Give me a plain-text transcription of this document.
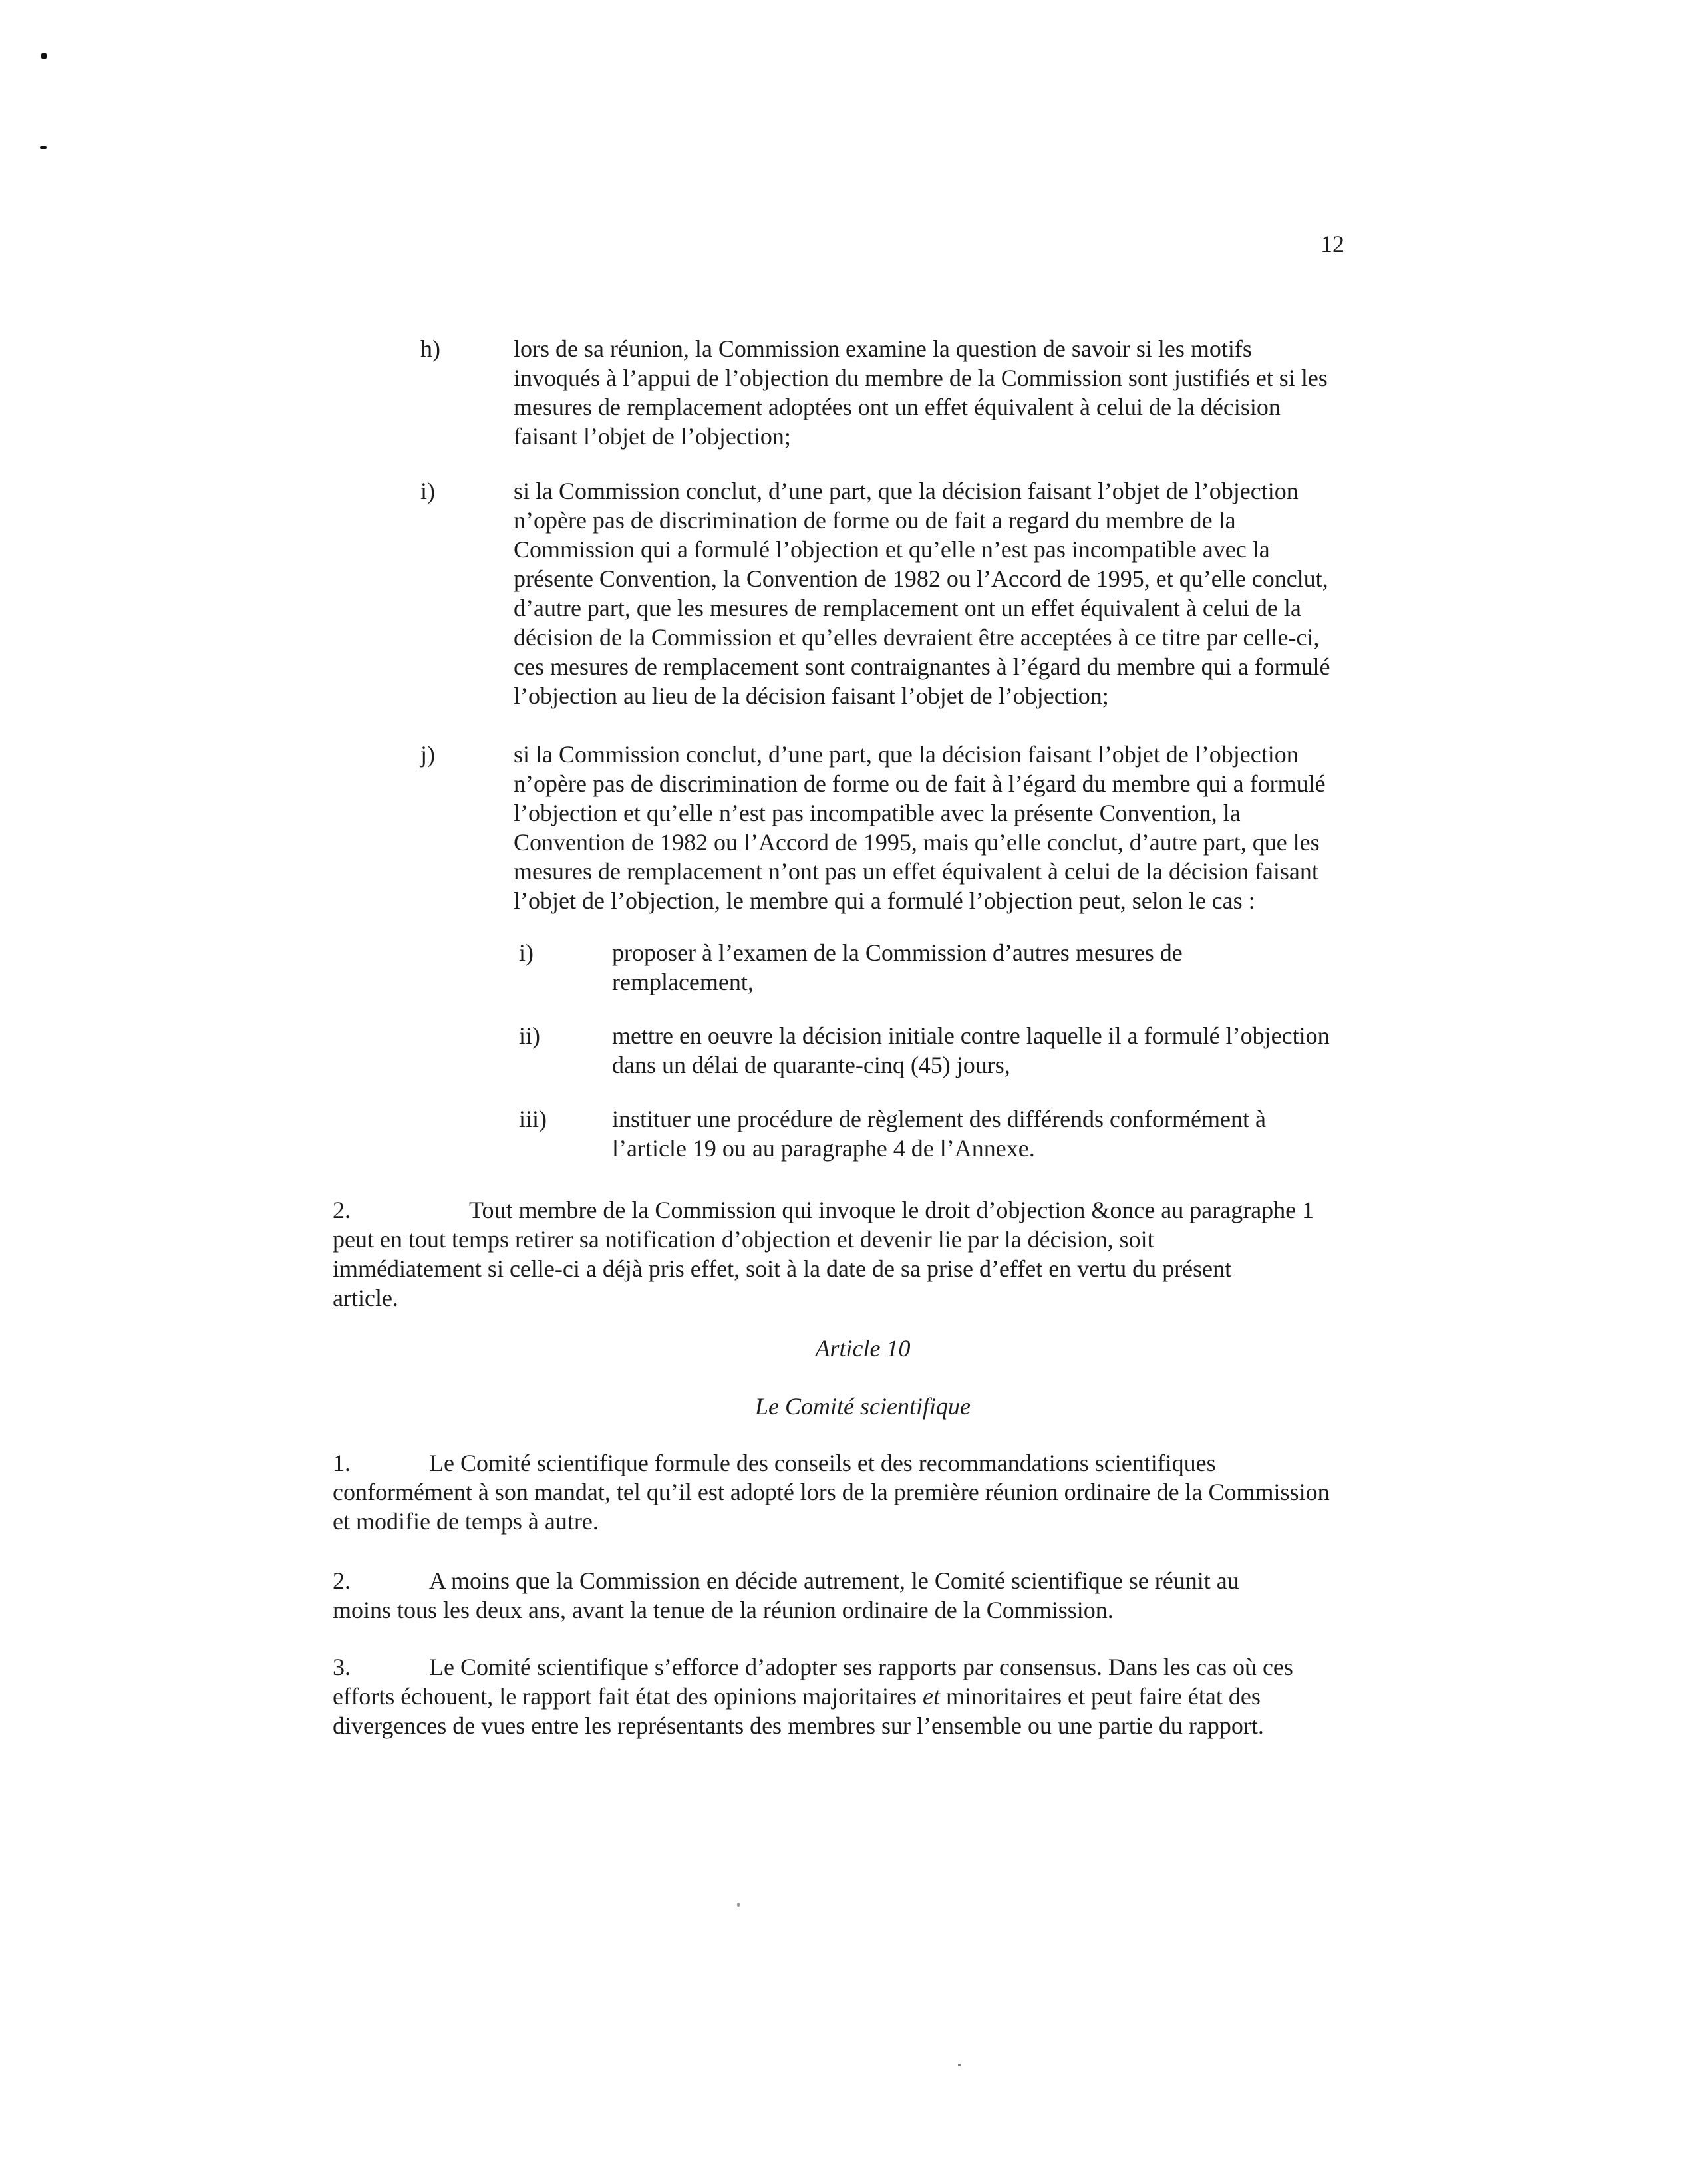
12
h)	lors de sa réunion, la Commission examine la question de savoir si les motifs
invoqués à l’appui de l’objection du membre de la Commission sont justifiés et si les
mesures de remplacement adoptées ont un effet équivalent à celui de la décision
faisant l’objet de l’objection;
i)	si la Commission conclut, d’une part, que la décision faisant l’objet de l’objection
n’opère pas de discrimination de forme ou de fait a regard du membre de la
Commission qui a formulé l’objection et qu’elle n’est pas incompatible avec la
présente Convention, la Convention de 1982 ou l’Accord de 1995, et qu’elle conclut,
d’autre part, que les mesures de remplacement ont un effet équivalent à celui de la
décision de la Commission et qu’elles devraient être acceptées à ce titre par celle-ci,
ces mesures de remplacement sont contraignantes à l’égard du membre qui a formulé
l’objection au lieu de la décision faisant l’objet de l’objection;
j)	si la Commission conclut, d’une part, que la décision faisant l’objet de l’objection
n’opère pas de discrimination de forme ou de fait à l’égard du membre qui a formulé
l’objection et qu’elle n’est pas incompatible avec la présente Convention, la
Convention de 1982 ou l’Accord de 1995, mais qu’elle conclut, d’autre part, que les
mesures de remplacement n’ont pas un effet équivalent à celui de la décision faisant
l’objet de l’objection, le membre qui a formulé l’objection peut, selon le cas :
i)	proposer à l’examen de la Commission d’autres mesures de
remplacement,
ii)	mettre en oeuvre la décision initiale contre laquelle il a formulé l’objection
dans un délai de quarante-cinq (45) jours,
iii)	instituer une procédure de règlement des différends conformément à
l’article 19 ou au paragraphe 4 de l’Annexe.
2.	Tout membre de la Commission qui invoque le droit d’objection &once au paragraphe 1
peut en tout temps retirer sa notification d’objection et devenir lie par la décision, soit
immédiatement si celle-ci a déjà pris effet, soit à la date de sa prise d’effet en vertu du présent
article.
Article 10
Le Comité scientifique
1.	Le Comité scientifique formule des conseils et des recommandations scientifiques
conformément à son mandat, tel qu’il est adopté lors de la première réunion ordinaire de la Commission
et modifie de temps à autre.
2.	A moins que la Commission en décide autrement, le Comité scientifique se réunit au
moins tous les deux ans, avant la tenue de la réunion ordinaire de la Commission.
3.	Le Comité scientifique s’efforce d’adopter ses rapports par consensus. Dans les cas où ces
efforts échouent, le rapport fait état des opinions majoritaires et minoritaires et peut faire état des
divergences de vues entre les représentants des membres sur l’ensemble ou une partie du rapport.
